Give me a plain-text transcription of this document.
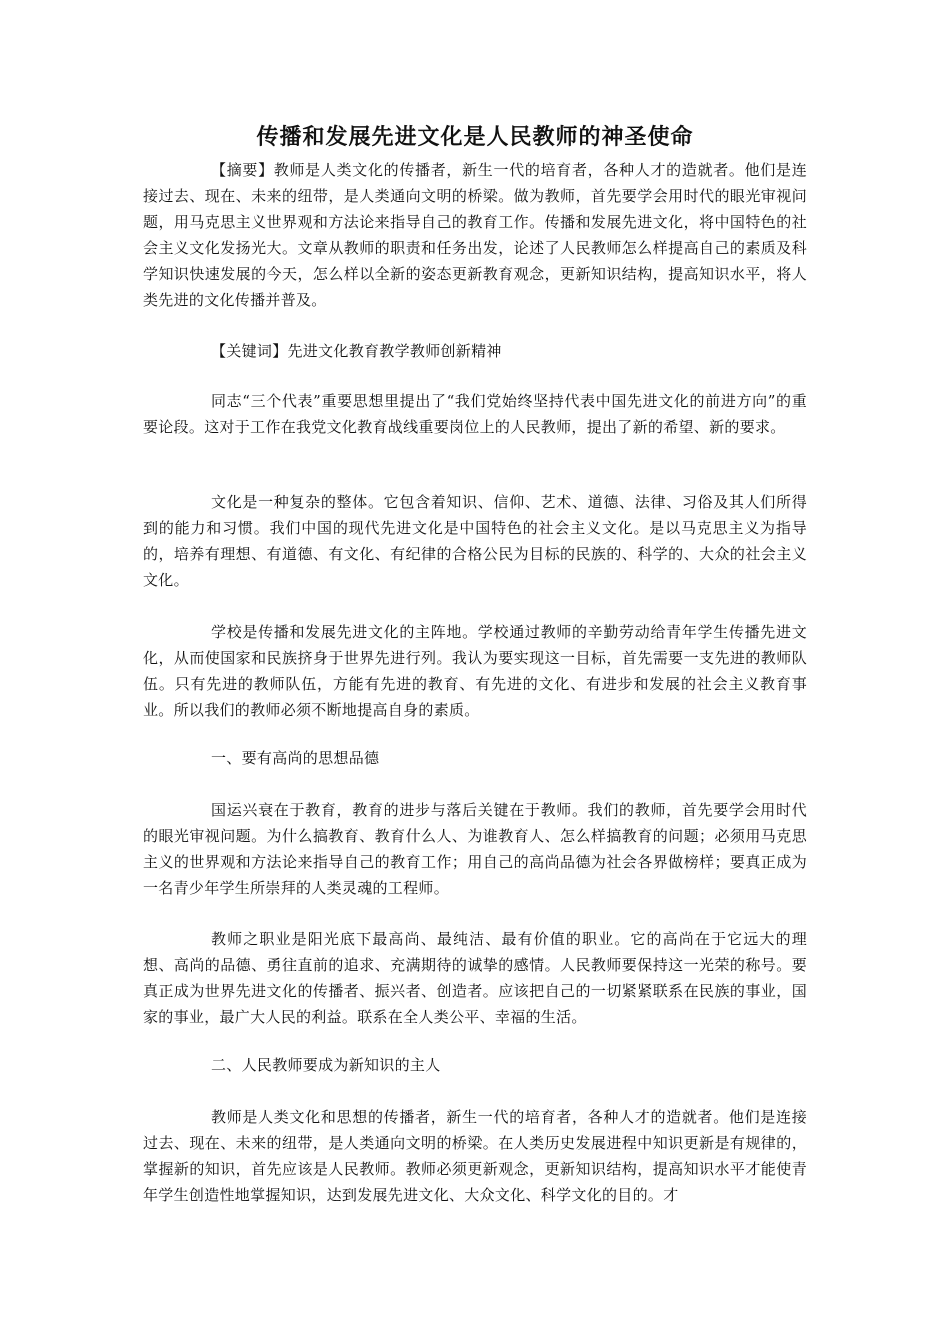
传播和发展先进文化是人民教师的神圣使命
【摘要】教师是人类文化的传播者，新生一代的培育者，各种人才的造就者。他们是连接过去、现在、未来的纽带，是人类通向文明的桥梁。做为教师，首先要学会用时代的眼光审视问题，用马克思主义世界观和方法论来指导自己的教育工作。传播和发展先进文化，将中国特色的社会主义文化发扬光大。文章从教师的职责和任务出发，论述了人民教师怎么样提高自己的素质及科学知识快速发展的今天，怎么样以全新的姿态更新教育观念，更新知识结构，提高知识水平，将人类先进的文化传播并普及。
【关键词】先进文化教育教学教师创新精神
同志“三个代表”重要思想里提出了“我们党始终坚持代表中国先进文化的前进方向”的重要论段。这对于工作在我党文化教育战线重要岗位上的人民教师，提出了新的希望、新的要求。
文化是一种复杂的整体。它包含着知识、信仰、艺术、道德、法律、习俗及其人们所得到的能力和习惯。我们中国的现代先进文化是中国特色的社会主义文化。是以马克思主义为指导的，培养有理想、有道德、有文化、有纪律的合格公民为目标的民族的、科学的、大众的社会主义文化。
学校是传播和发展先进文化的主阵地。学校通过教师的辛勤劳动给青年学生传播先进文化，从而使国家和民族挤身于世界先进行列。我认为要实现这一目标，首先需要一支先进的教师队伍。只有先进的教师队伍，方能有先进的教育、有先进的文化、有进步和发展的社会主义教育事业。所以我们的教师必须不断地提高自身的素质。
一、要有高尚的思想品德
国运兴衰在于教育，教育的进步与落后关键在于教师。我们的教师，首先要学会用时代的眼光审视问题。为什么搞教育、教育什么人、为谁教育人、怎么样搞教育的问题；必须用马克思主义的世界观和方法论来指导自己的教育工作；用自己的高尚品德为社会各界做榜样；要真正成为一名青少年学生所崇拜的人类灵魂的工程师。
教师之职业是阳光底下最高尚、最纯洁、最有价值的职业。它的高尚在于它远大的理想、高尚的品德、勇往直前的追求、充满期待的诚挚的感情。人民教师要保持这一光荣的称号。要真正成为世界先进文化的传播者、振兴者、创造者。应该把自己的一切紧紧联系在民族的事业，国家的事业，最广大人民的利益。联系在全人类公平、幸福的生活。
二、人民教师要成为新知识的主人
教师是人类文化和思想的传播者，新生一代的培育者，各种人才的造就者。他们是连接过去、现在、未来的纽带，是人类通向文明的桥梁。在人类历史发展进程中知识更新是有规律的，掌握新的知识，首先应该是人民教师。教师必须更新观念，更新知识结构，提高知识水平才能使青年学生创造性地掌握知识，达到发展先进文化、大众文化、科学文化的目的。才
